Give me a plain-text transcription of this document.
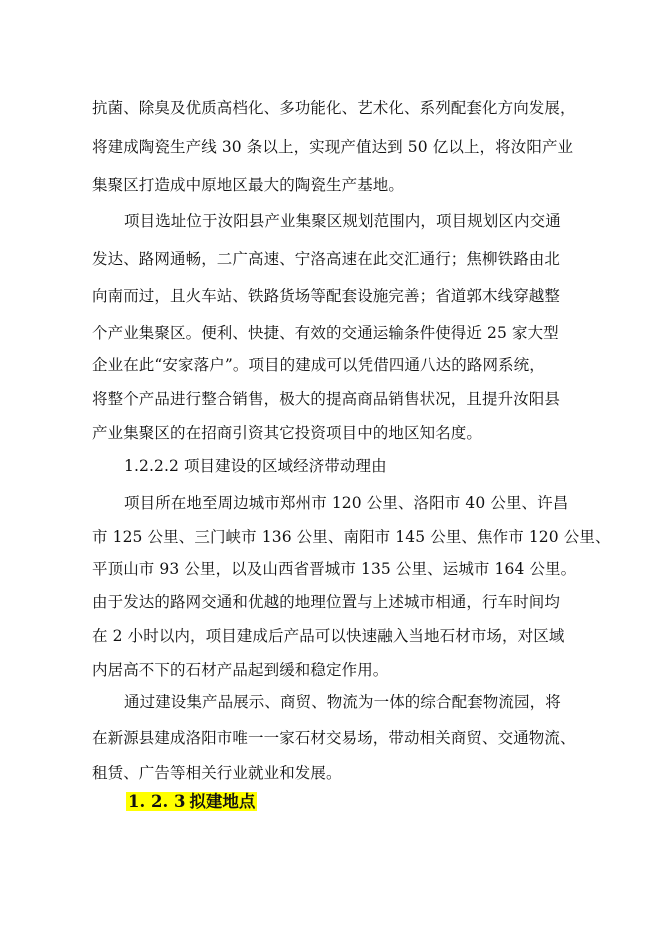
抗菌、除臭及优质高档化、多功能化、艺术化、系列配套化方向发展，
将建成陶瓷生产线 30 条以上，实现产值达到 50 亿以上，将汝阳产业
集聚区打造成中原地区最大的陶瓷生产基地。
项目选址位于汝阳县产业集聚区规划范围内，项目规划区内交通
发达、路网通畅，二广高速、宁洛高速在此交汇通行；焦柳铁路由北
向南而过，且火车站、铁路货场等配套设施完善；省道郭木线穿越整
个产业集聚区。便利、快捷、有效的交通运输条件使得近 25 家大型
企业在此“安家落户”。项目的建成可以凭借四通八达的路网系统，
将整个产品进行整合销售，极大的提高商品销售状况，且提升汝阳县
产业集聚区的在招商引资其它投资项目中的地区知名度。
1.2.2.2 项目建设的区域经济带动理由
项目所在地至周边城市郑州市 120 公里、洛阳市 40 公里、许昌
市 125 公里、三门峡市 136 公里、南阳市 145 公里、焦作市 120 公里、
平顶山市 93 公里，以及山西省晋城市 135 公里、运城市 164 公里。
由于发达的路网交通和优越的地理位置与上述城市相通，行车时间均
在 2 小时以内，项目建成后产品可以快速融入当地石材市场，对区域
内居高不下的石材产品起到缓和稳定作用。
通过建设集产品展示、商贸、物流为一体的综合配套物流园，将
在新源县建成洛阳市唯一一家石材交易场，带动相关商贸、交通物流、
租赁、广告等相关行业就业和发展。
1. 2. 3 拟建地点
